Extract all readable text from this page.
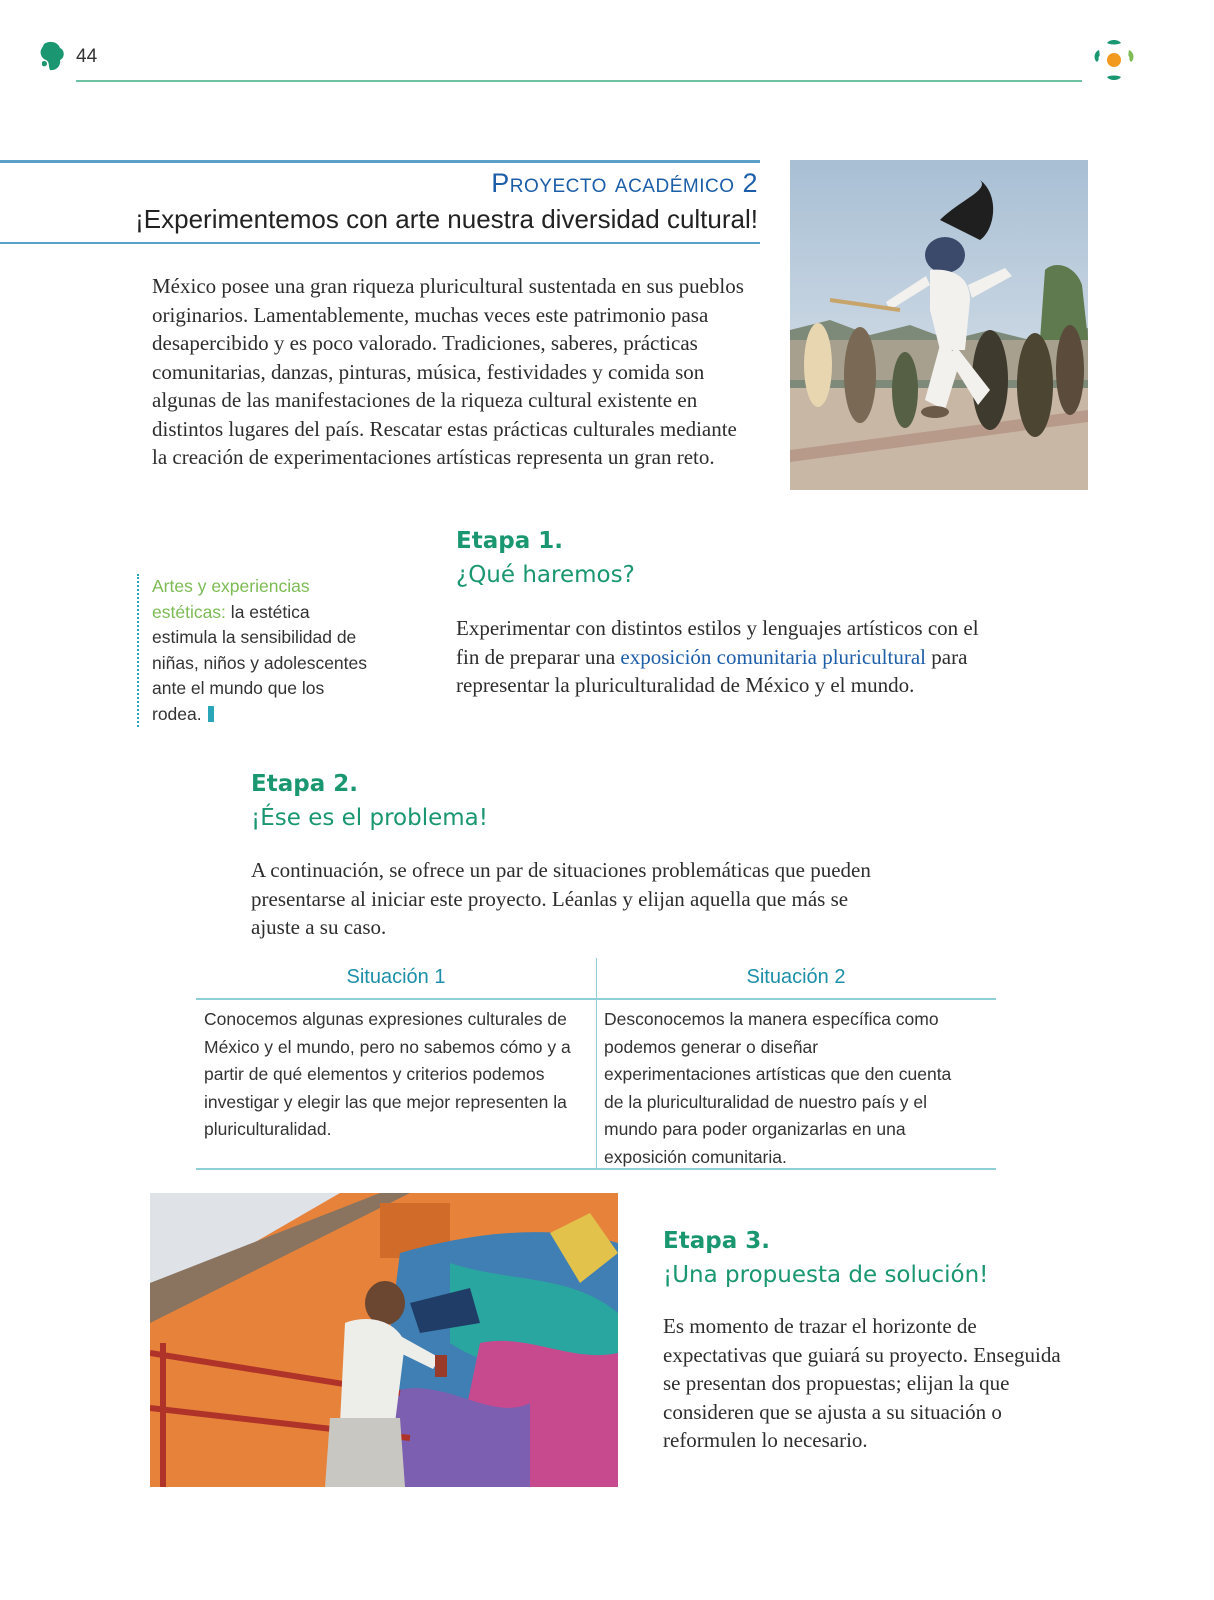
44
Proyecto académico 2
¡Experimentemos con arte nuestra diversidad cultural!

México posee una gran riqueza pluricultural sustentada en sus pueblos originarios. Lamentablemente, muchas veces este patrimonio pasa desapercibido y es poco valorado. Tradiciones, saberes, prácticas comunitarias, danzas, pinturas, música, festividades y comida son algunas de las manifestaciones de la riqueza cultural existente en distintos lugares del país. Rescatar estas prácticas culturales mediante la creación de experimentaciones artísticas representa un gran reto.

Artes y experiencias estéticas: la estética estimula la sensibilidad de niñas, niños y adolescentes ante el mundo que los rodea.
Etapa 1.
¿Qué haremos?

Experimentar con distintos estilos y lenguajes artísticos con el fin de preparar una exposición comunitaria pluricultural para representar la pluriculturalidad de México y el mundo.

Etapa 2.
¡Ése es el problema!

A continuación, se ofrece un par de situaciones problemáticas que pueden presentarse al iniciar este proyecto. Léanlas y elijan aquella que más se ajuste a su caso.

Situación 1	Situación 2

Conocemos algunas expresiones culturales de México y el mundo, pero no sabemos cómo y a partir de qué elementos y criterios podemos investigar y elegir las que mejor representen la pluriculturalidad.

Desconocemos la manera específica como podemos generar o diseñar experimentaciones artísticas que den cuenta de la pluriculturalidad de nuestro país y el mundo para poder organizarlas en una exposición comunitaria.

Etapa 3.
¡Una propuesta de solución!

Es momento de trazar el horizonte de expectativas que guiará su proyecto. Enseguida se presentan dos propuestas; elijan la que consideren que se ajusta a su situación o reformulen lo necesario.
